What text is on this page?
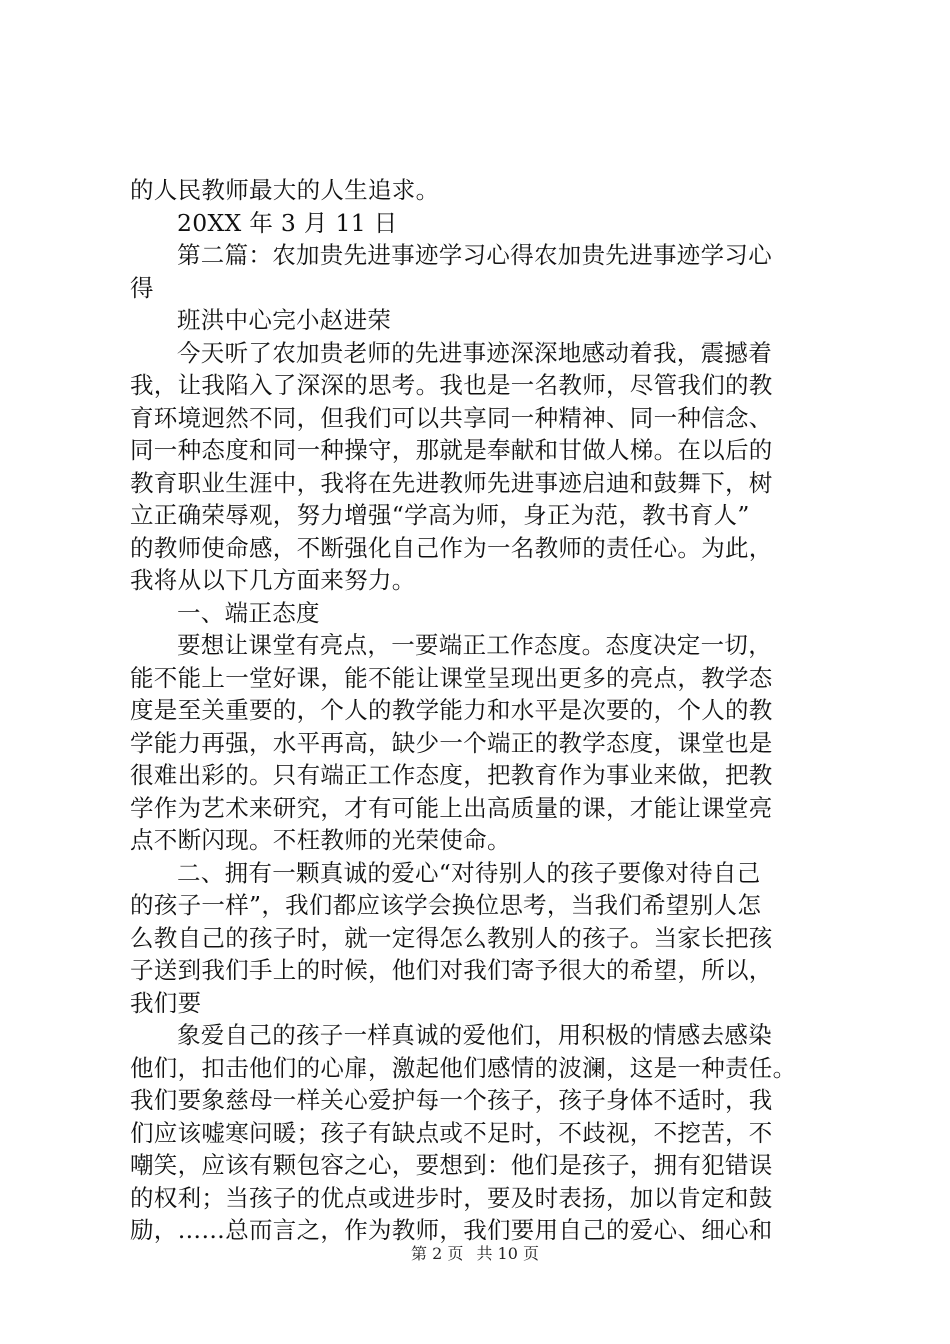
的人民教师最大的人生追求。
20XX 年 3 月 11 日
第二篇：农加贵先进事迹学习心得农加贵先进事迹学习心
得
班洪中心完小赵进荣
今天听了农加贵老师的先进事迹深深地感动着我，震撼着
我，让我陷入了深深的思考。我也是一名教师，尽管我们的教
育环境迥然不同，但我们可以共享同一种精神、同一种信念、
同一种态度和同一种操守，那就是奉献和甘做人梯。在以后的
教育职业生涯中，我将在先进教师先进事迹启迪和鼓舞下，树
立正确荣辱观，努力增强“学高为师，身正为范，教书育人”
的教师使命感，不断强化自己作为一名教师的责任心。为此，
我将从以下几方面来努力。
一、端正态度
要想让课堂有亮点，一要端正工作态度。态度决定一切，
能不能上一堂好课，能不能让课堂呈现出更多的亮点，教学态
度是至关重要的，个人的教学能力和水平是次要的，个人的教
学能力再强，水平再高，缺少一个端正的教学态度，课堂也是
很难出彩的。只有端正工作态度，把教育作为事业来做，把教
学作为艺术来研究，才有可能上出高质量的课，才能让课堂亮
点不断闪现。不枉教师的光荣使命。
二、拥有一颗真诚的爱心“对待别人的孩子要像对待自己
的孩子一样”，我们都应该学会换位思考，当我们希望别人怎
么教自己的孩子时，就一定得怎么教别人的孩子。当家长把孩
子送到我们手上的时候，他们对我们寄予很大的希望，所以，
我们要
象爱自己的孩子一样真诚的爱他们，用积极的情感去感染
他们，扣击他们的心扉，激起他们感情的波澜，这是一种责任。
我们要象慈母一样关心爱护每一个孩子，孩子身体不适时，我
们应该嘘寒问暖；孩子有缺点或不足时，不歧视，不挖苦，不
嘲笑，应该有颗包容之心，要想到：他们是孩子，拥有犯错误
的权利；当孩子的优点或进步时，要及时表扬，加以肯定和鼓
励，……总而言之，作为教师，我们要用自己的爱心、细心和
第 2 页 共 10 页
